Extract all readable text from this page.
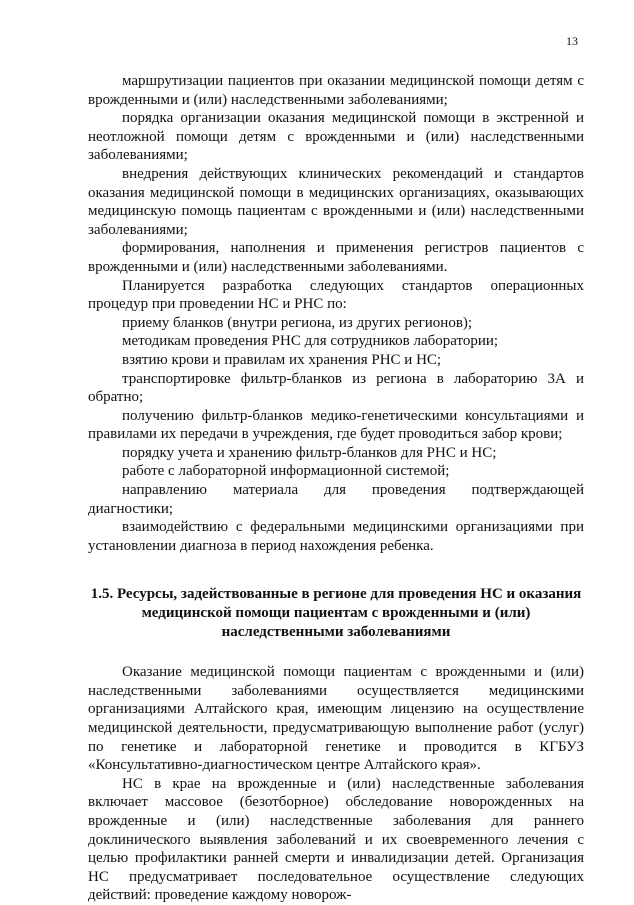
13

маршрутизации пациентов при оказании медицинской помощи детям с врожденными и (или) наследственными заболеваниями;

порядка организации оказания медицинской помощи в экстренной и неотложной помощи детям с врожденными и (или) наследственными заболеваниями;

внедрения действующих клинических рекомендаций и стандартов оказания медицинской помощи в медицинских организациях, оказывающих медицинскую помощь пациентам с врожденными и (или) наследственными заболеваниями;

формирования, наполнения и применения регистров пациентов с врожденными и (или) наследственными заболеваниями.

Планируется разработка следующих стандартов операционных процедур при проведении НС и РНС по:

приему бланков (внутри региона, из других регионов);

методикам проведения РНС для сотрудников лаборатории;

взятию крови и правилам их хранения РНС и НС;

транспортировке фильтр-бланков из региона в лабораторию 3А и обратно;

получению фильтр-бланков медико-генетическими консультациями и правилами их передачи в учреждения, где будет проводиться забор крови;

порядку учета и хранению фильтр-бланков для РНС и НС;

работе с лабораторной информационной системой;

направлению материала для проведения подтверждающей диагностики;

взаимодействию с федеральными медицинскими организациями при установлении диагноза в период нахождения ребенка.

1.5. Ресурсы, задействованные в регионе для проведения НС и оказания медицинской помощи пациентам с врожденными и (или) наследственными заболеваниями

Оказание медицинской помощи пациентам с врожденными и (или) наследственными заболеваниями осуществляется медицинскими организациями Алтайского края, имеющим лицензию на осуществление медицинской деятельности, предусматривающую выполнение работ (услуг) по генетике и лабораторной генетике и проводится в КГБУЗ «Консультативно-диагностическом центре Алтайского края».

НС в крае на врожденные и (или) наследственные заболевания включает массовое (безотборное) обследование новорожденных на врожденные и (или) наследственные заболевания для раннего доклинического выявления заболеваний и их своевременного лечения с целью профилактики ранней смерти и инвалидизации детей. Организация НС предусматривает последовательное осуществление следующих действий: проведение каждому новорож-
